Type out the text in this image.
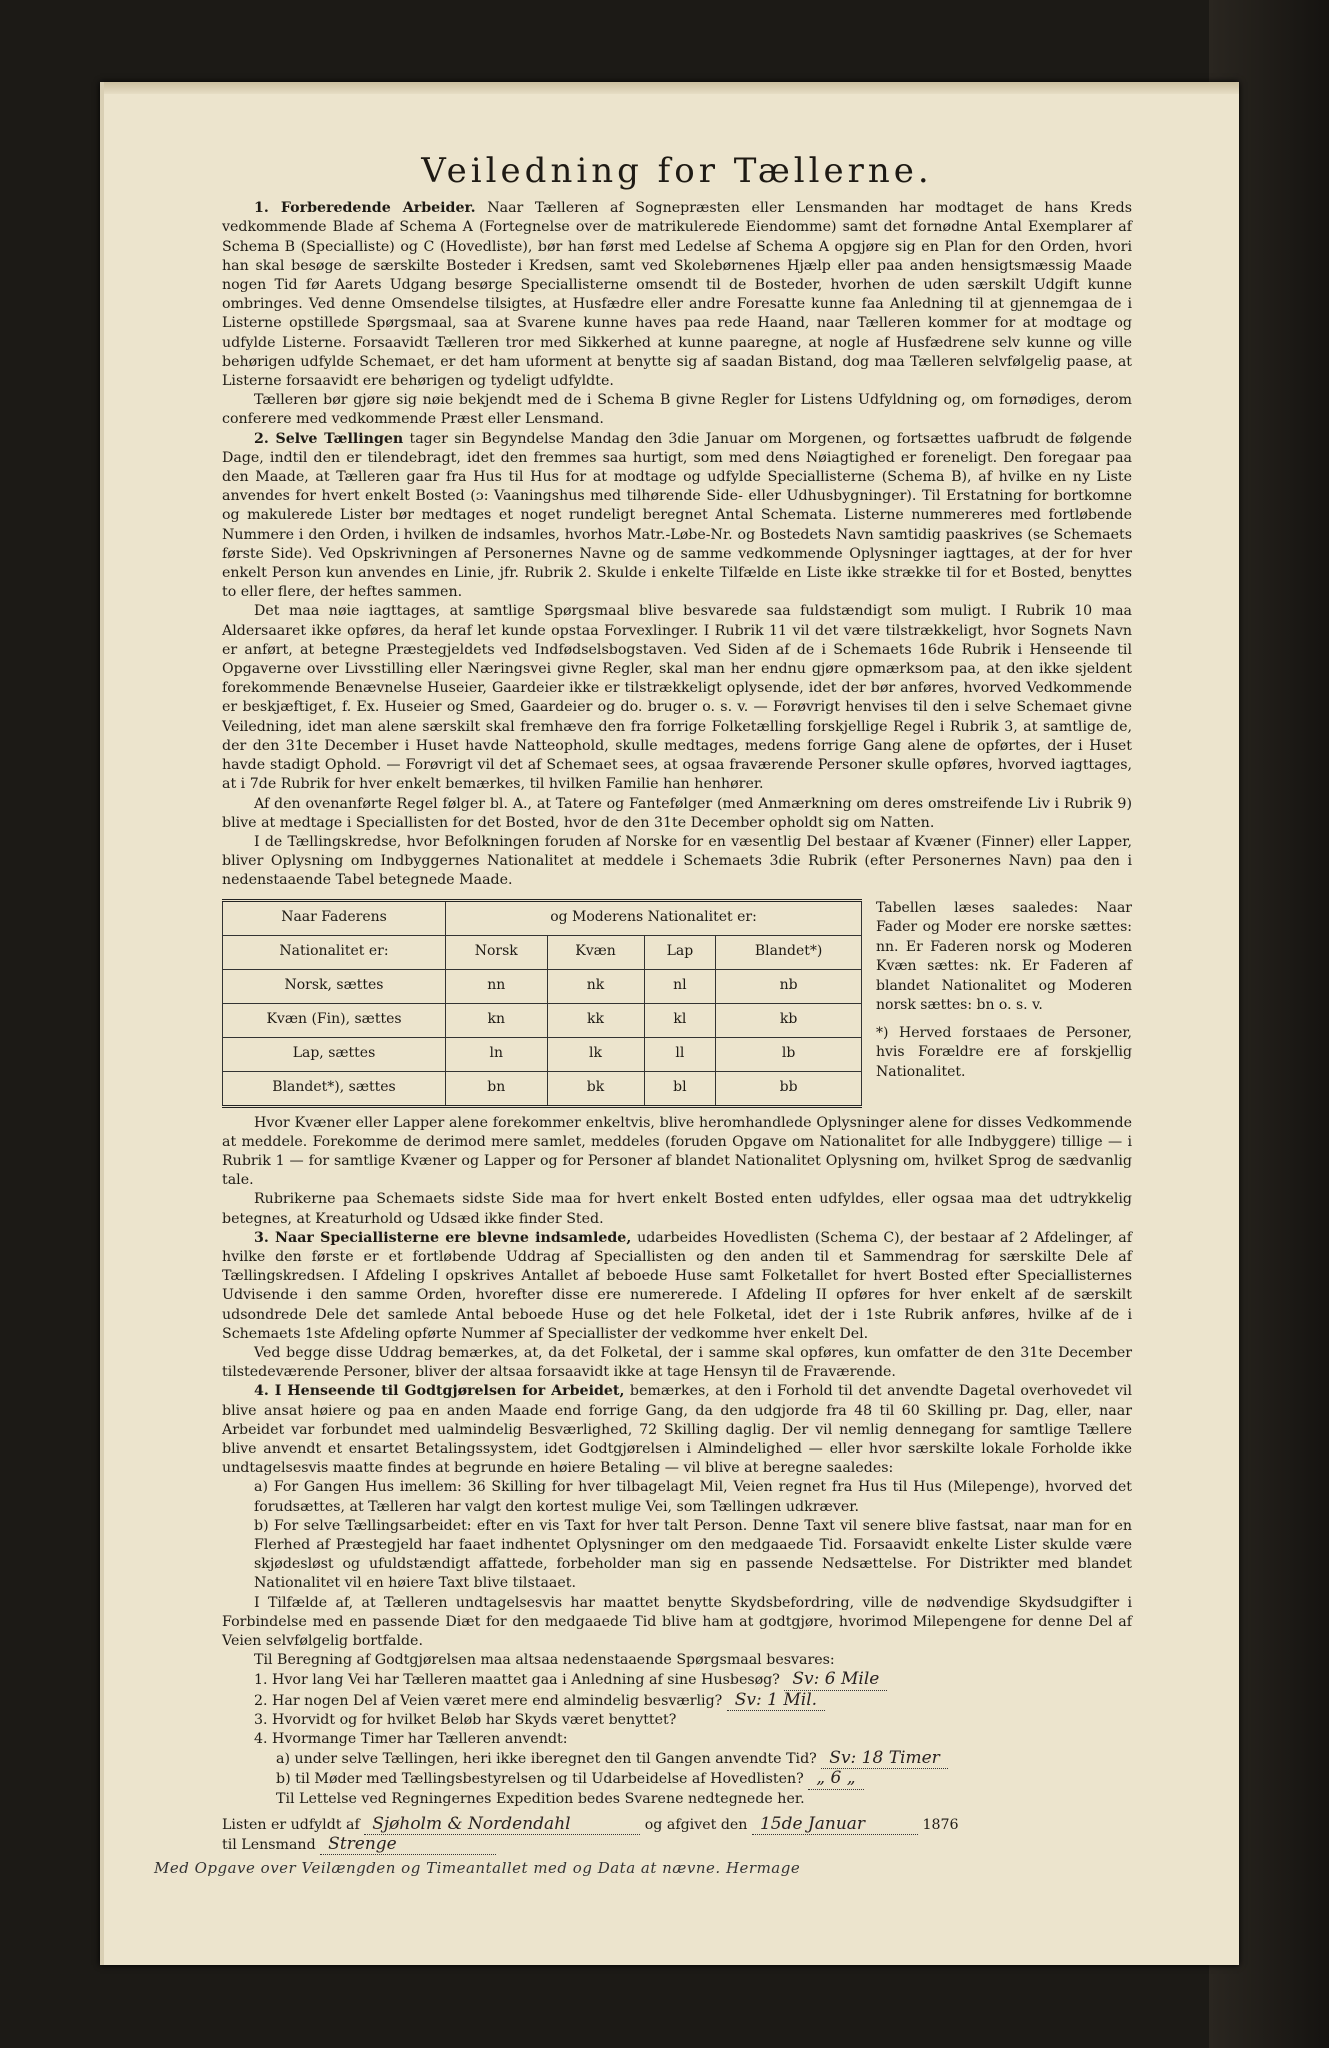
Veiledning for Tællerne.

1. Forberedende Arbeider. Naar Tælleren af Sognepræsten eller Lensmanden har modtaget de hans Kreds vedkommende Blade af Schema A (Fortegnelse over de matrikulerede Eiendomme) samt det fornødne Antal Exemplarer af Schema B (Specialliste) og C (Hovedliste), bør han først med Ledelse af Schema A opgjøre sig en Plan for den Orden, hvori han skal besøge de særskilte Bosteder i Kredsen, samt ved Skolebørnenes Hjælp eller paa anden hensigtsmæssig Maade nogen Tid før Aarets Udgang besørge Speciallisterne omsendt til de Bosteder, hvorhen de uden særskilt Udgift kunne ombringes. Ved denne Omsendelse tilsigtes, at Husfædre eller andre Foresatte kunne faa Anledning til at gjennemgaa de i Listerne opstillede Spørgsmaal, saa at Svarene kunne haves paa rede Haand, naar Tælleren kommer for at modtage og udfylde Listerne. Forsaavidt Tælleren tror med Sikkerhed at kunne paaregne, at nogle af Husfædrene selv kunne og ville behørigen udfylde Schemaet, er det ham uforment at benytte sig af saadan Bistand, dog maa Tælleren selvfølgelig paase, at Listerne forsaavidt ere behørigen og tydeligt udfyldte.

Tælleren bør gjøre sig nøie bekjendt med de i Schema B givne Regler for Listens Udfyldning og, om fornødiges, derom conferere med vedkommende Præst eller Lensmand.

2. Selve Tællingen tager sin Begyndelse Mandag den 3die Januar om Morgenen, og fortsættes uafbrudt de følgende Dage, indtil den er tilendebragt, idet den fremmes saa hurtigt, som med dens Nøiagtighed er foreneligt. Den foregaar paa den Maade, at Tælleren gaar fra Hus til Hus for at modtage og udfylde Speciallisterne (Schema B), af hvilke en ny Liste anvendes for hvert enkelt Bosted (ɔ: Vaaningshus med tilhørende Side- eller Udhusbygninger). Til Erstatning for bortkomne og makulerede Lister bør medtages et noget rundeligt beregnet Antal Schemata. Listerne nummereres med fortløbende Nummere i den Orden, i hvilken de indsamles, hvorhos Matr.-Løbe-Nr. og Bostedets Navn samtidig paaskrives (se Schemaets første Side). Ved Opskrivningen af Personernes Navne og de samme vedkommende Oplysninger iagttages, at der for hver enkelt Person kun anvendes en Linie, jfr. Rubrik 2. Skulde i enkelte Tilfælde en Liste ikke strække til for et Bosted, benyttes to eller flere, der heftes sammen.

Det maa nøie iagttages, at samtlige Spørgsmaal blive besvarede saa fuldstændigt som muligt. I Rubrik 10 maa Aldersaaret ikke opføres, da heraf let kunde opstaa Forvexlinger. I Rubrik 11 vil det være tilstrækkeligt, hvor Sognets Navn er anført, at betegne Præstegjeldets ved Indfødselsbogstaven. Ved Siden af de i Schemaets 16de Rubrik i Henseende til Opgaverne over Livsstilling eller Næringsvei givne Regler, skal man her endnu gjøre opmærksom paa, at den ikke sjeldent forekommende Benævnelse Huseier, Gaardeier ikke er tilstrækkeligt oplysende, idet der bør anføres, hvorved Vedkommende er beskjæftiget, f. Ex. Huseier og Smed, Gaardeier og do. bruger o. s. v. — Forøvrigt henvises til den i selve Schemaet givne Veiledning, idet man alene særskilt skal fremhæve den fra forrige Folketælling forskjellige Regel i Rubrik 3, at samtlige de, der den 31te December i Huset havde Natteophold, skulle medtages, medens forrige Gang alene de opførtes, der i Huset havde stadigt Ophold. — Forøvrigt vil det af Schemaet sees, at ogsaa fraværende Personer skulle opføres, hvorved iagttages, at i 7de Rubrik for hver enkelt bemærkes, til hvilken Familie han henhører.

Af den ovenanførte Regel følger bl. A., at Tatere og Fantefølger (med Anmærkning om deres omstreifende Liv i Rubrik 9) blive at medtage i Speciallisten for det Bosted, hvor de den 31te December opholdt sig om Natten.

I de Tællingskredse, hvor Befolkningen foruden af Norske for en væsentlig Del bestaar af Kvæner (Finner) eller Lapper, bliver Oplysning om Indbyggernes Nationalitet at meddele i Schemaets 3die Rubrik (efter Personernes Navn) paa den i nedenstaaende Tabel betegnede Maade.

Naar Faderens	og Moderens Nationalitet er:			
Nationalitet er:	Norsk	Kvæn	Lap	Blandet*)
Norsk, sættes	nn	nk	nl	nb
Kvæn (Fin), sættes	kn	kk	kl	kb
Lap, sættes	ln	lk	ll	lb
Blandet*), sættes	bn	bk	bl	bb

Tabellen læses saaledes: Naar Fader og Moder ere norske sættes: nn. Er Faderen norsk og Moderen Kvæn sættes: nk. Er Faderen af blandet Nationalitet og Moderen norsk sættes: bn o. s. v.

*) Herved forstaaes de Personer, hvis Forældre ere af forskjellig Nationalitet.

Hvor Kvæner eller Lapper alene forekommer enkeltvis, blive heromhandlede Oplysninger alene for disses Vedkommende at meddele. Forekomme de derimod mere samlet, meddeles (foruden Opgave om Nationalitet for alle Indbyggere) tillige — i Rubrik 1 — for samtlige Kvæner og Lapper og for Personer af blandet Nationalitet Oplysning om, hvilket Sprog de sædvanlig tale.

Rubrikerne paa Schemaets sidste Side maa for hvert enkelt Bosted enten udfyldes, eller ogsaa maa det udtrykkelig betegnes, at Kreaturhold og Udsæd ikke finder Sted.

3. Naar Speciallisterne ere blevne indsamlede, udarbeides Hovedlisten (Schema C), der bestaar af 2 Afdelinger, af hvilke den første er et fortløbende Uddrag af Speciallisten og den anden til et Sammendrag for særskilte Dele af Tællingskredsen. I Afdeling I opskrives Antallet af beboede Huse samt Folketallet for hvert Bosted efter Speciallisternes Udvisende i den samme Orden, hvorefter disse ere numererede. I Afdeling II opføres for hver enkelt af de særskilt udsondrede Dele det samlede Antal beboede Huse og det hele Folketal, idet der i 1ste Rubrik anføres, hvilke af de i Schemaets 1ste Afdeling opførte Nummer af Speciallister der vedkomme hver enkelt Del.

Ved begge disse Uddrag bemærkes, at, da det Folketal, der i samme skal opføres, kun omfatter de den 31te December tilstedeværende Personer, bliver der altsaa forsaavidt ikke at tage Hensyn til de Fraværende.

4. I Henseende til Godtgjørelsen for Arbeidet, bemærkes, at den i Forhold til det anvendte Dagetal overhovedet vil blive ansat høiere og paa en anden Maade end forrige Gang, da den udgjorde fra 48 til 60 Skilling pr. Dag, eller, naar Arbeidet var forbundet med ualmindelig Besværlighed, 72 Skilling daglig. Der vil nemlig dennegang for samtlige Tællere blive anvendt et ensartet Betalingssystem, idet Godtgjørelsen i Almindelighed — eller hvor særskilte lokale Forholde ikke undtagelsesvis maatte findes at begrunde en høiere Betaling — vil blive at beregne saaledes:

a) For Gangen Hus imellem: 36 Skilling for hver tilbagelagt Mil, Veien regnet fra Hus til Hus (Milepenge), hvorved det forudsættes, at Tælleren har valgt den kortest mulige Vei, som Tællingen udkræver.

b) For selve Tællingsarbeidet: efter en vis Taxt for hver talt Person. Denne Taxt vil senere blive fastsat, naar man for en Flerhed af Præstegjeld har faaet indhentet Oplysninger om den medgaaede Tid. Forsaavidt enkelte Lister skulde være skjødesløst og ufuldstændigt affattede, forbeholder man sig en passende Nedsættelse. For Distrikter med blandet Nationalitet vil en høiere Taxt blive tilstaaet.

I Tilfælde af, at Tælleren undtagelsesvis har maattet benytte Skydsbefordring, ville de nødvendige Skydsudgifter i Forbindelse med en passende Diæt for den medgaaede Tid blive ham at godtgjøre, hvorimod Milepengene for denne Del af Veien selvfølgelig bortfalde.

Til Beregning af Godtgjørelsen maa altsaa nedenstaaende Spørgsmaal besvares:

1. Hvor lang Vei har Tælleren maattet gaa i Anledning af sine Husbesøg?
Sv: 6 Mile
2. Har nogen Del af Veien været mere end almindelig besværlig?
Sv: 1 Mil.
3. Hvorvidt og for hvilket Beløb har Skyds været benyttet?
4. Hvormange Timer har Tælleren anvendt:
a) under selve Tællingen, heri ikke iberegnet den til Gangen anvendte Tid?
Sv: 18 Timer
b) til Møder med Tællingsbestyrelsen og til Udarbeidelse af Hovedlisten?
„ 6 „
Til Lettelse ved Regningernes Expedition bedes Svarene nedtegnede her.
Listen er udfyldt af
Sjøholm & Nordendahl
	og afgivet den
15de Januar
	1876
til Lensmand
Strenge
Med Opgave over Veilængden og Timeantallet med og Data at nævne. Hermage
